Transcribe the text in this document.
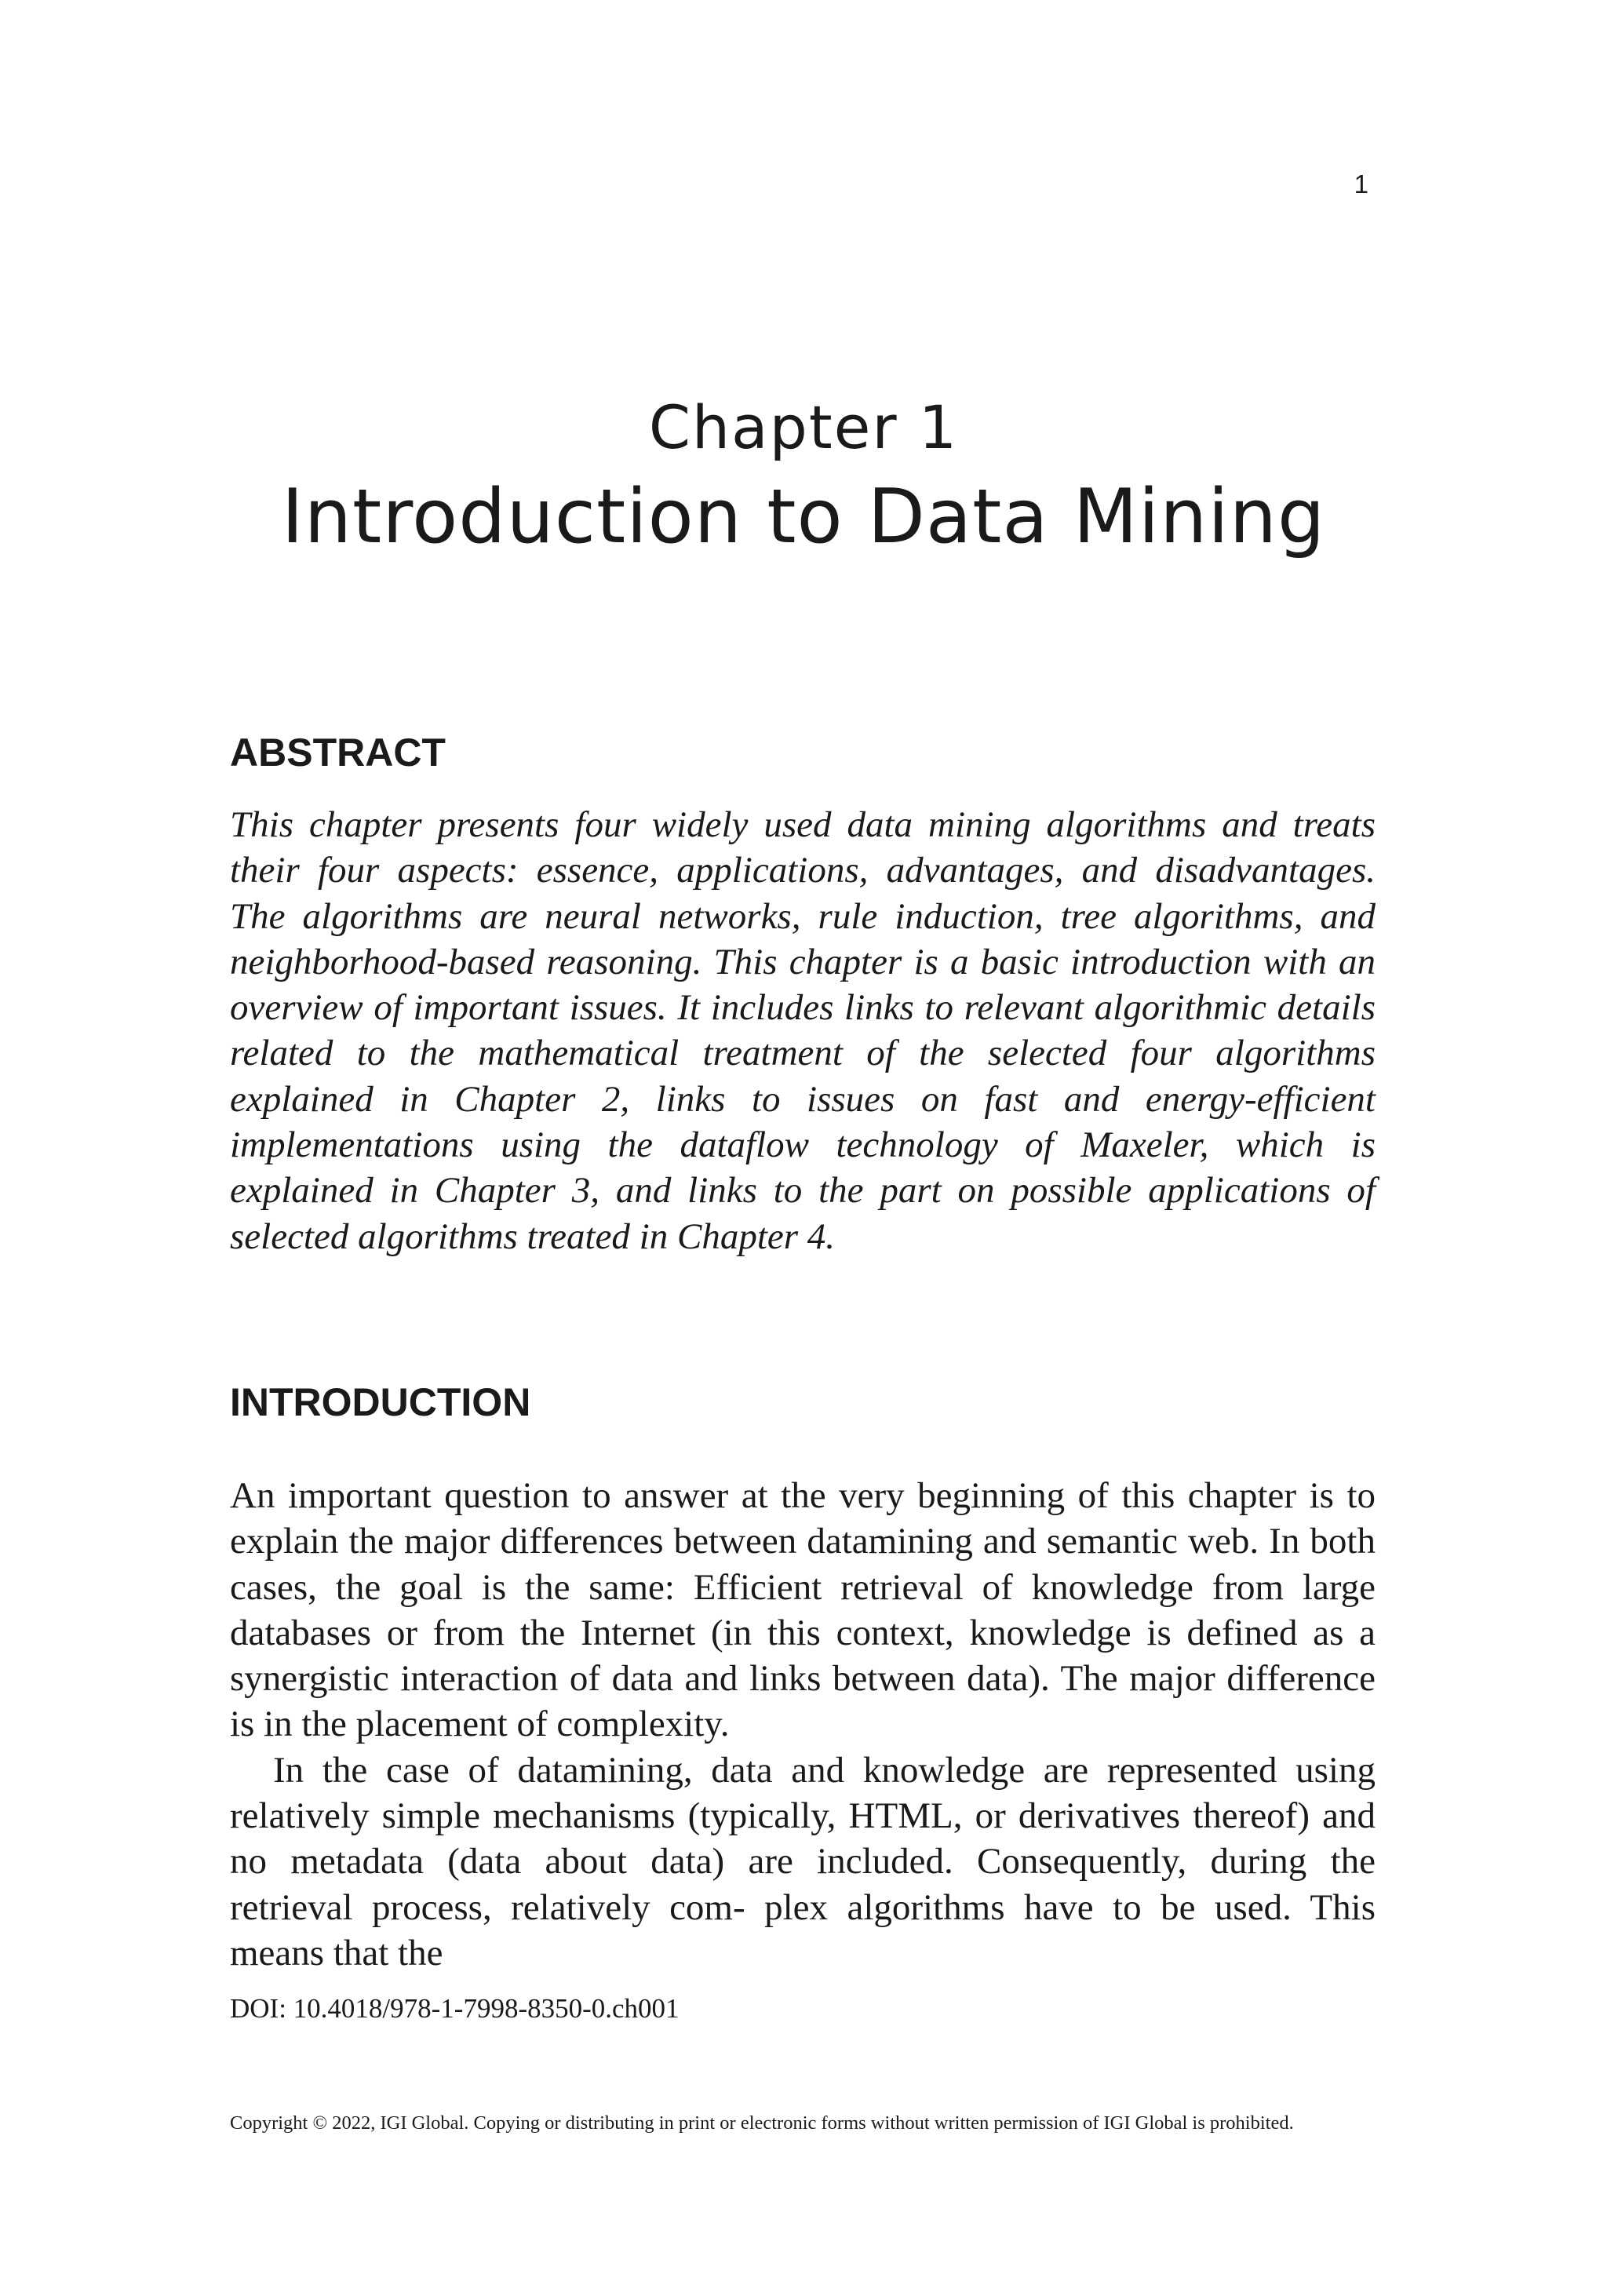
1
Chapter 1
Introduction to Data Mining
ABSTRACT
This chapter presents four widely used data mining algorithms and treats their four aspects: essence, applications, advantages, and disadvantages. The algorithms are neural networks, rule induction, tree algorithms, and neighborhood-based reasoning. This chapter is a basic introduction with an overview of important issues. It includes links to relevant algorithmic details related to the mathematical treatment of the selected four algorithms explained in Chapter 2, links to issues on fast and energy-efficient implementations using the dataflow technology of Maxeler, which is explained in Chapter 3, and links to the part on possible applications of selected algorithms treated in Chapter 4.
INTRODUCTION

An important question to answer at the very beginning of this chapter is to explain the major differences between datamining and semantic web. In both cases, the goal is the same: Efficient retrieval of knowledge from large databases or from the Internet (in this context, knowledge is defined as a synergistic interaction of data and links between data). The major difference is in the placement of complexity.

In the case of datamining, data and knowledge are represented using relatively simple mechanisms (typically, HTML, or derivatives thereof) and no metadata (data about data) are included. Consequently, during the retrieval process, relatively com- plex algorithms have to be used. This means that the

DOI: 10.4018/978-1-7998-8350-0.ch001
Copyright © 2022, IGI Global. Copying or distributing in print or electronic forms without written permission of IGI Global is prohibited.
